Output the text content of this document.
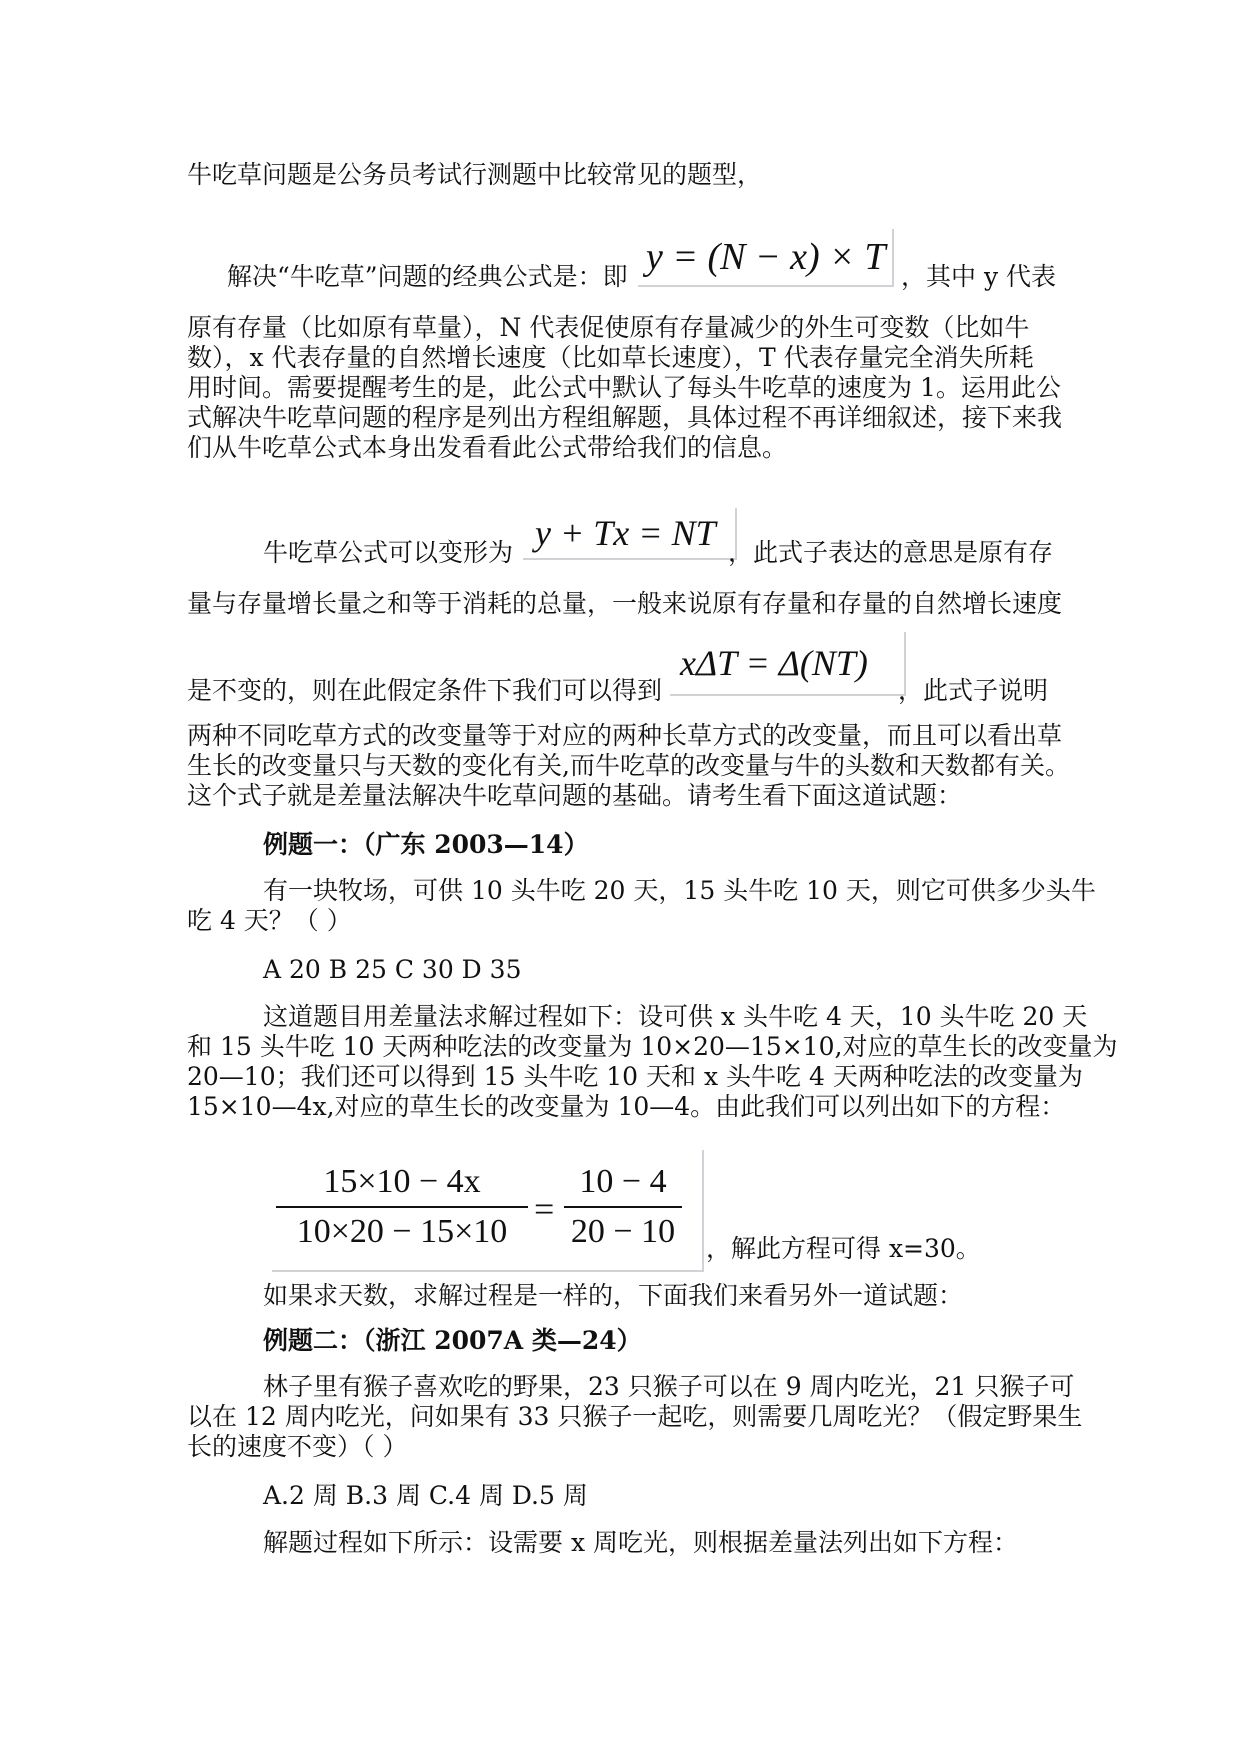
牛吃草问题是公务员考试行测题中比较常见的题型，
解决“牛吃草”问题的经典公式是：即 y = (N − x) × T ，其中 y 代表
原有存量（比如原有草量），N 代表促使原有存量减少的外生可变数（比如牛
数），x 代表存量的自然增长速度（比如草长速度），T 代表存量完全消失所耗
用时间。需要提醒考生的是，此公式中默认了每头牛吃草的速度为 1。运用此公
式解决牛吃草问题的程序是列出方程组解题，具体过程不再详细叙述，接下来我
们从牛吃草公式本身出发看看此公式带给我们的信息。
牛吃草公式可以变形为 y + Tx = NT ，此式子表达的意思是原有存
量与存量增长量之和等于消耗的总量，一般来说原有存量和存量的自然增长速度
是不变的，则在此假定条件下我们可以得到
xΔT = Δ(NT)
，此式子说明
两种不同吃草方式的改变量等于对应的两种长草方式的改变量，而且可以看出草
生长的改变量只与天数的变化有关,而牛吃草的改变量与牛的头数和天数都有关。
这个式子就是差量法解决牛吃草问题的基础。请考生看下面这道试题：
例题一：（广东 2003—14）
有一块牧场，可供 10 头牛吃 20 天，15 头牛吃 10 天，则它可供多少头牛
吃 4 天？（ ）
A 20 B 25 C 30 D 35
这道题目用差量法求解过程如下：设可供 x 头牛吃 4 天，10 头牛吃 20 天
和 15 头牛吃 10 天两种吃法的改变量为 10×20—15×10,对应的草生长的改变量为
20—10；我们还可以得到 15 头牛吃 10 天和 x 头牛吃 4 天两种吃法的改变量为
15×10—4x,对应的草生长的改变量为 10—4。由此我们可以列出如下的方程：
15×10 − 4x
10×20 − 15×10
=
10 − 4
20 − 10 ，解此方程可得 x=30。
如果求天数，求解过程是一样的，下面我们来看另外一道试题：
例题二：（浙江 2007A 类—24）
林子里有猴子喜欢吃的野果，23 只猴子可以在 9 周内吃光，21 只猴子可
以在 12 周内吃光，问如果有 33 只猴子一起吃，则需要几周吃光？（假定野果生
长的速度不变）（ ）
A.2 周 B.3 周 C.4 周 D.5 周
解题过程如下所示：设需要 x 周吃光，则根据差量法列出如下方程：
